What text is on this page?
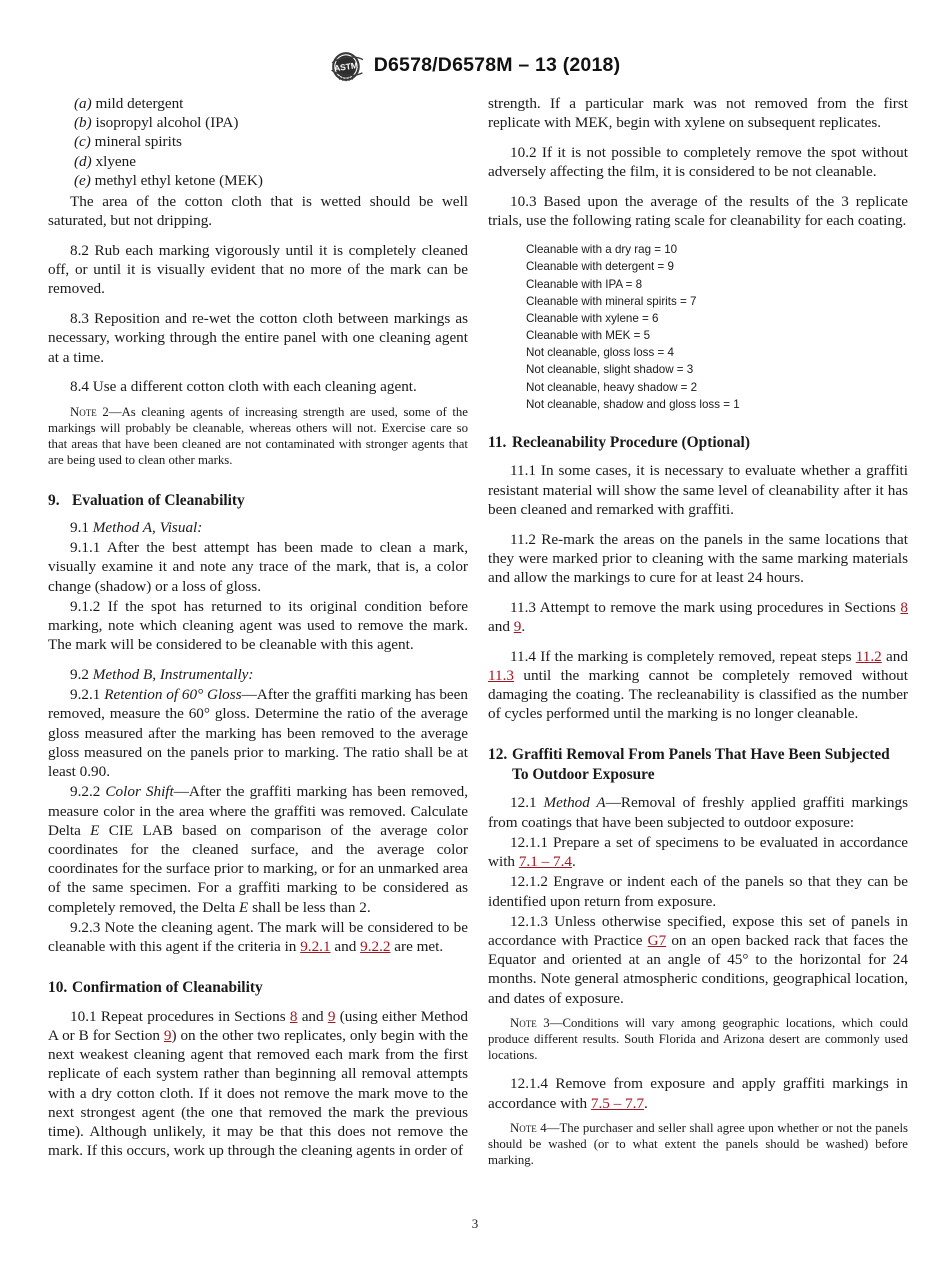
ASTM D6578/D6578M – 13 (2018)

(a) mild detergent

(b) isopropyl alcohol (IPA)

(c) mineral spirits

(d) xlyene

(e) methyl ethyl ketone (MEK)

The area of the cotton cloth that is wetted should be well saturated, but not dripping.

8.2 Rub each marking vigorously until it is completely cleaned off, or until it is visually evident that no more of the mark can be removed.

8.3 Reposition and re-wet the cotton cloth between markings as necessary, working through the entire panel with one cleaning agent at a time.

8.4 Use a different cotton cloth with each cleaning agent.

Note 2—As cleaning agents of increasing strength are used, some of the markings will probably be cleanable, whereas others will not. Exercise care so that areas that have been cleaned are not contaminated with stronger agents that are being used to clean other marks.

9. Evaluation of Cleanability

9.1 Method A, Visual:

9.1.1 After the best attempt has been made to clean a mark, visually examine it and note any trace of the mark, that is, a color change (shadow) or a loss of gloss.

9.1.2 If the spot has returned to its original condition before marking, note which cleaning agent was used to remove the mark. The mark will be considered to be cleanable with this agent.

9.2 Method B, Instrumentally:

9.2.1 Retention of 60° Gloss—After the graffiti marking has been removed, measure the 60° gloss. Determine the ratio of the average gloss measured after the marking has been removed to the average gloss measured on the panels prior to marking. The ratio shall be at least 0.90.

9.2.2 Color Shift—After the graffiti marking has been removed, measure color in the area where the graffiti was removed. Calculate Delta E CIE LAB based on comparison of the average color coordinates for the cleaned surface, and the average color coordinates for the surface prior to marking, or for an unmarked area of the same specimen. For a graffiti marking to be considered as completely removed, the Delta E shall be less than 2.

9.2.3 Note the cleaning agent. The mark will be considered to be cleanable with this agent if the criteria in 9.2.1 and 9.2.2 are met.

10. Confirmation of Cleanability

10.1 Repeat procedures in Sections 8 and 9 (using either Method A or B for Section 9) on the other two replicates, only begin with the next weakest cleaning agent that removed each mark from the first replicate of each system rather than beginning all removal attempts with a dry cotton cloth. If it does not remove the mark move to the next strongest agent (the one that removed the mark the previous time). Although unlikely, it may be that this does not remove the mark. If this occurs, work up through the cleaning agents in order of

strength. If a particular mark was not removed from the first replicate with MEK, begin with xylene on subsequent replicates.

10.2 If it is not possible to completely remove the spot without adversely affecting the film, it is considered to be not cleanable.

10.3 Based upon the average of the results of the 3 replicate trials, use the following rating scale for cleanability for each coating.

Cleanable with a dry rag = 10
Cleanable with detergent = 9
Cleanable with IPA = 8
Cleanable with mineral spirits = 7
Cleanable with xylene = 6
Cleanable with MEK = 5
Not cleanable, gloss loss = 4
Not cleanable, slight shadow = 3
Not cleanable, heavy shadow = 2
Not cleanable, shadow and gloss loss = 1

11. Recleanability Procedure (Optional)

11.1 In some cases, it is necessary to evaluate whether a graffiti resistant material will show the same level of cleanability after it has been cleaned and remarked with graffiti.

11.2 Re-mark the areas on the panels in the same locations that they were marked prior to cleaning with the same marking materials and allow the markings to cure for at least 24 hours.

11.3 Attempt to remove the mark using procedures in Sections 8 and 9.

11.4 If the marking is completely removed, repeat steps 11.2 and 11.3 until the marking cannot be completely removed without damaging the coating. The recleanability is classified as the number of cycles performed until the marking is no longer cleanable.

12. Graffiti Removal From Panels That Have Been Subjected To Outdoor Exposure

12.1 Method A—Removal of freshly applied graffiti markings from coatings that have been subjected to outdoor exposure:

12.1.1 Prepare a set of specimens to be evaluated in accordance with 7.1 – 7.4.

12.1.2 Engrave or indent each of the panels so that they can be identified upon return from exposure.

12.1.3 Unless otherwise specified, expose this set of panels in accordance with Practice G7 on an open backed rack that faces the Equator and oriented at an angle of 45° to the horizontal for 24 months. Note general atmospheric conditions, geographical location, and dates of exposure.

Note 3—Conditions will vary among geographic locations, which could produce different results. South Florida and Arizona desert are commonly used locations.

12.1.4 Remove from exposure and apply graffiti markings in accordance with 7.5 – 7.7.

Note 4—The purchaser and seller shall agree upon whether or not the panels should be washed (or to what extent the panels should be washed) before marking.

3
